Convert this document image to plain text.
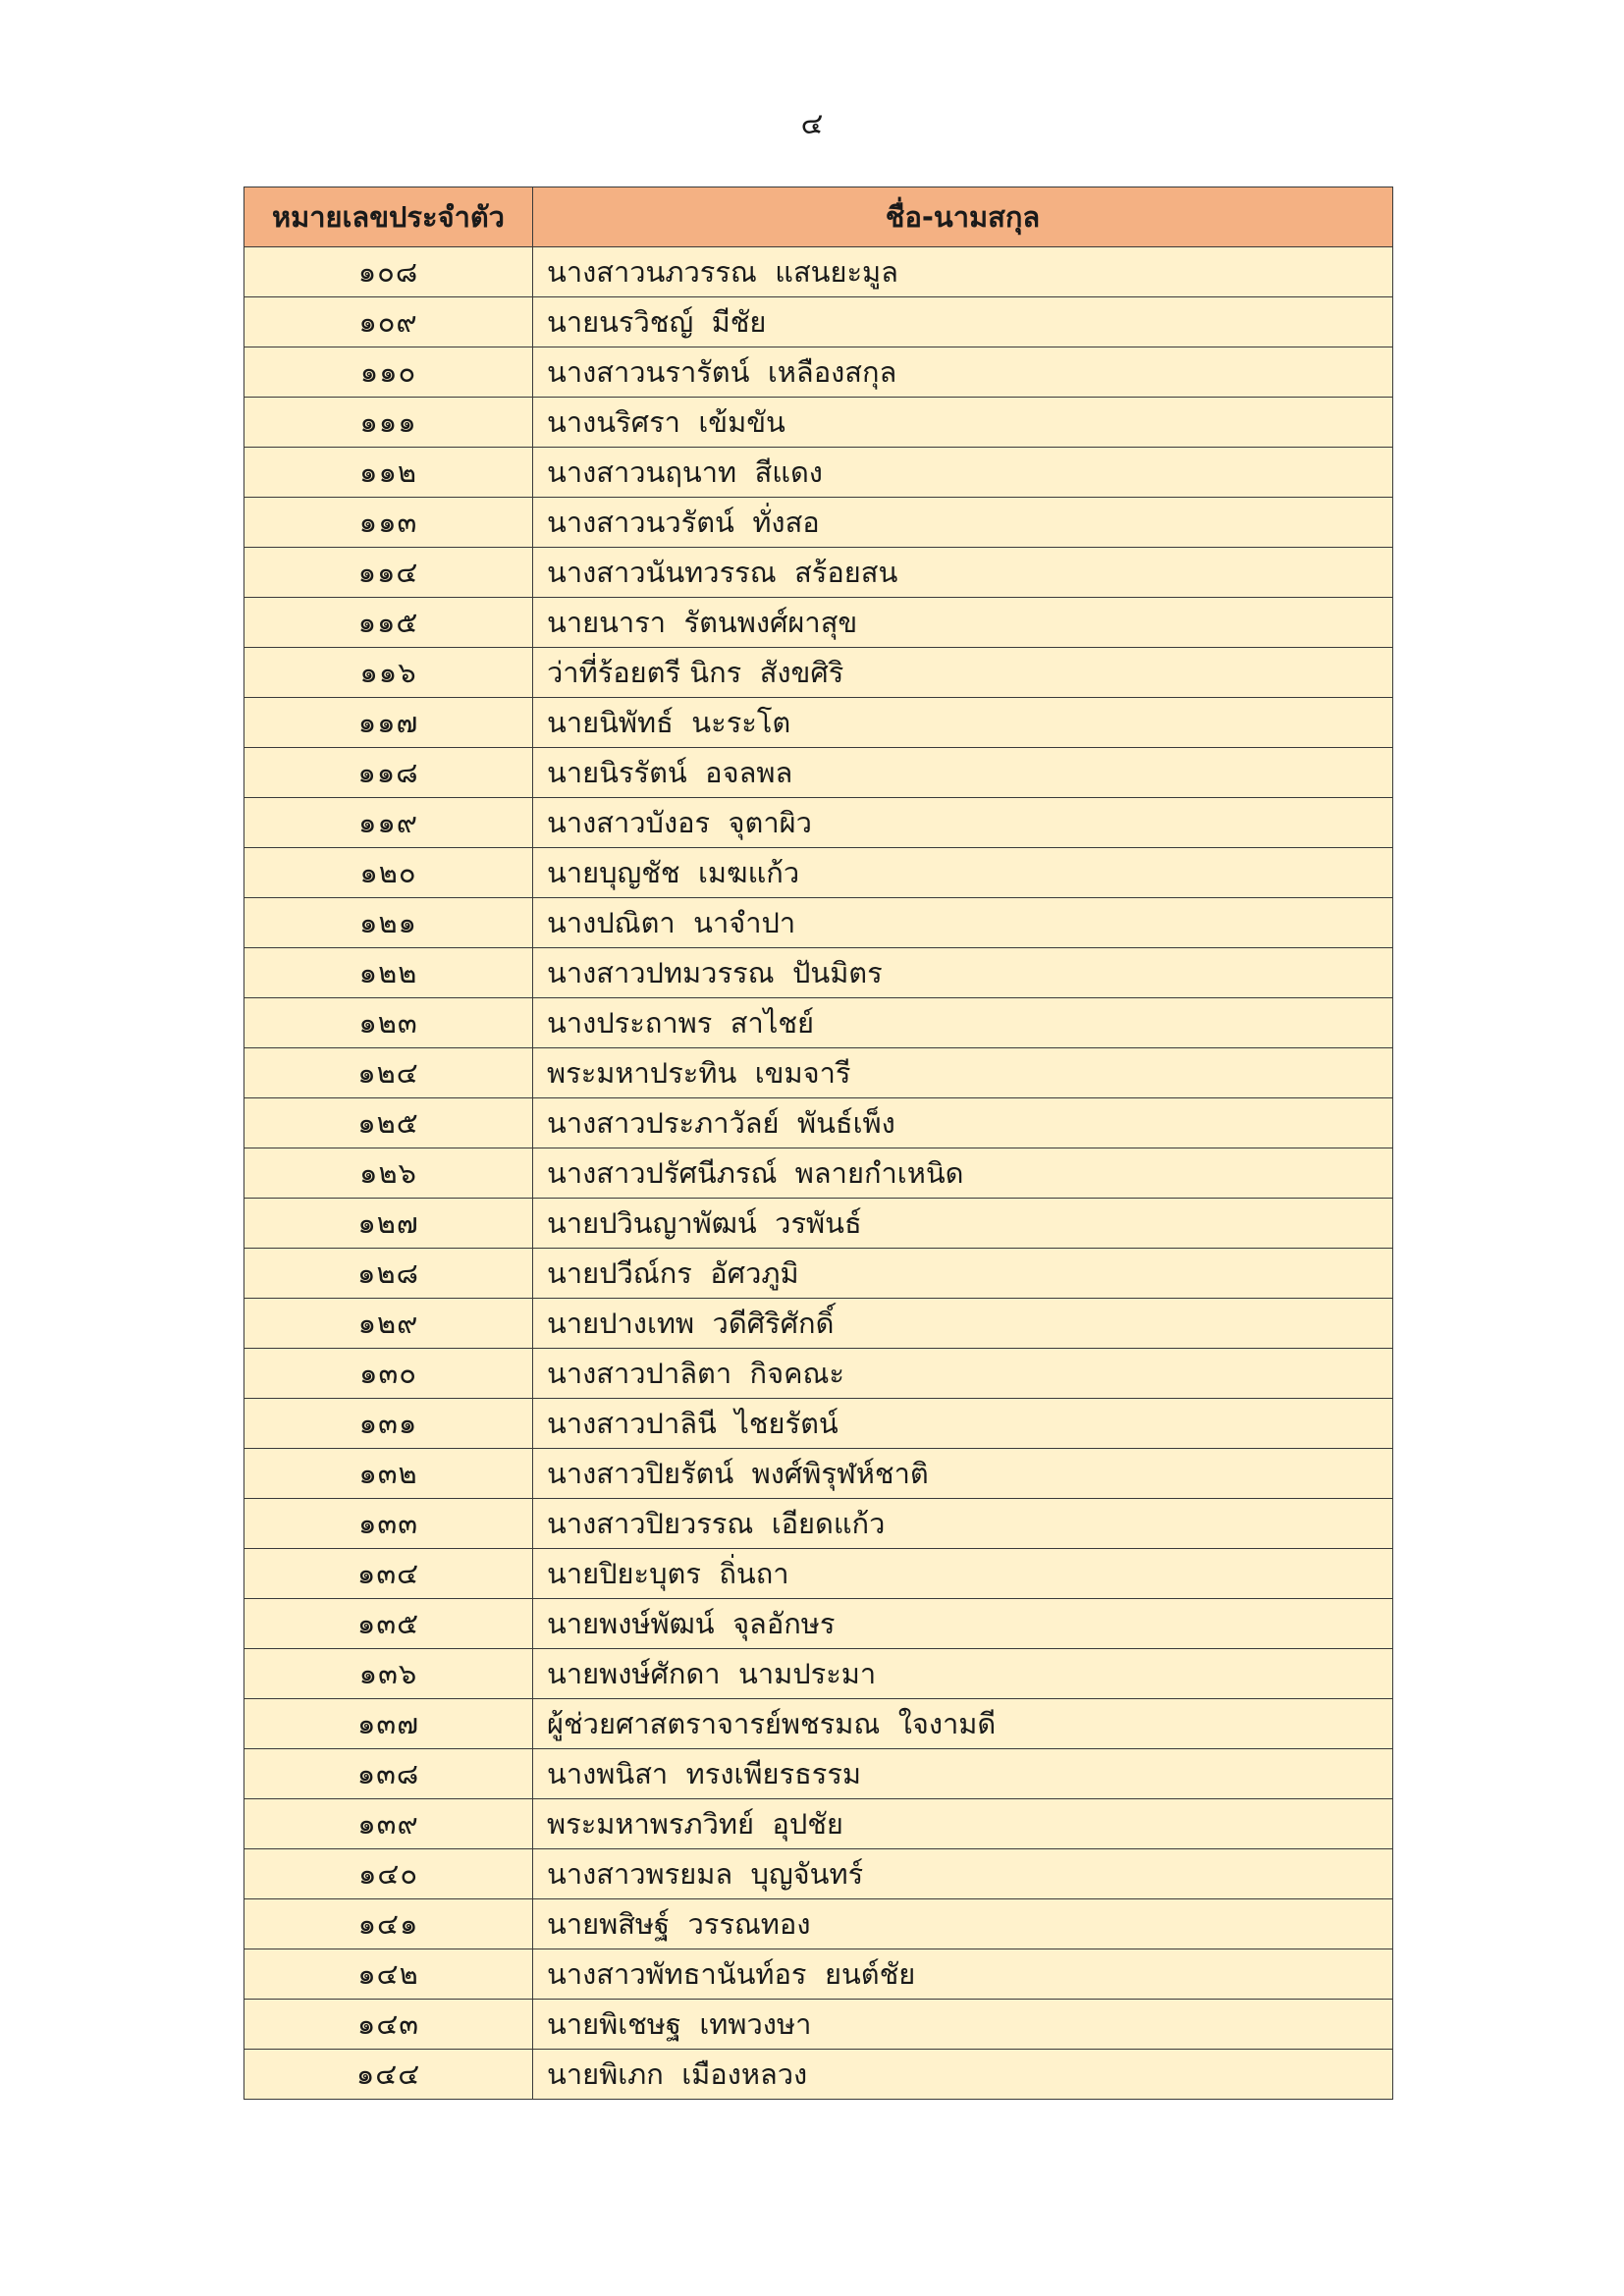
๔
หมายเลขประจำตัว	ชื่อ-นามสกุล
๑๐๘	นางสาวนภวรรณ  แสนยะมูล
๑๐๙	นายนรวิชญ์  มีชัย
๑๑๐	นางสาวนรารัตน์  เหลืองสกุล
๑๑๑	นางนริศรา  เข้มขัน
๑๑๒	นางสาวนฤนาท  สีแดง
๑๑๓	นางสาวนวรัตน์  ทั่งสอ
๑๑๔	นางสาวนันทวรรณ  สร้อยสน
๑๑๕	นายนารา  รัตนพงศ์ผาสุข
๑๑๖	ว่าที่ร้อยตรี นิกร  สังขศิริ
๑๑๗	นายนิพัทธ์  นะระโต
๑๑๘	นายนิรรัตน์  อจลพล
๑๑๙	นางสาวบังอร  จุตาผิว
๑๒๐	นายบุญชัช  เมฆแก้ว
๑๒๑	นางปณิตา  นาจำปา
๑๒๒	นางสาวปทมวรรณ  ปันมิตร
๑๒๓	นางประถาพร  สาไชย์
๑๒๔	พระมหาประทิน  เขมจารี
๑๒๕	นางสาวประภาวัลย์  พันธ์เพ็ง
๑๒๖	นางสาวปรัศนีภรณ์  พลายกำเหนิด
๑๒๗	นายปวินญาพัฒน์  วรพันธ์
๑๒๘	นายปวีณ์กร  อัศวภูมิ
๑๒๙	นายปางเทพ  วดีศิริศักดิ์
๑๓๐	นางสาวปาลิตา  กิจคณะ
๑๓๑	นางสาวปาลินี  ไชยรัตน์
๑๓๒	นางสาวปิยรัตน์  พงศ์พิรุฬห์ชาติ
๑๓๓	นางสาวปิยวรรณ  เอียดแก้ว
๑๓๔	นายปิยะบุตร  ถิ่นถา
๑๓๕	นายพงษ์พัฒน์  จุลอักษร
๑๓๖	นายพงษ์ศักดา  นามประมา
๑๓๗	ผู้ช่วยศาสตราจารย์พชรมณ  ใจงามดี
๑๓๘	นางพนิสา  ทรงเพียรธรรม
๑๓๙	พระมหาพรภวิทย์  อุปชัย
๑๔๐	นางสาวพรยมล  บุญจันทร์
๑๔๑	นายพสิษฐ์  วรรณทอง
๑๔๒	นางสาวพัทธานันท์อร  ยนต์ชัย
๑๔๓	นายพิเชษฐ  เทพวงษา
๑๔๔	นายพิเภก  เมืองหลวง
